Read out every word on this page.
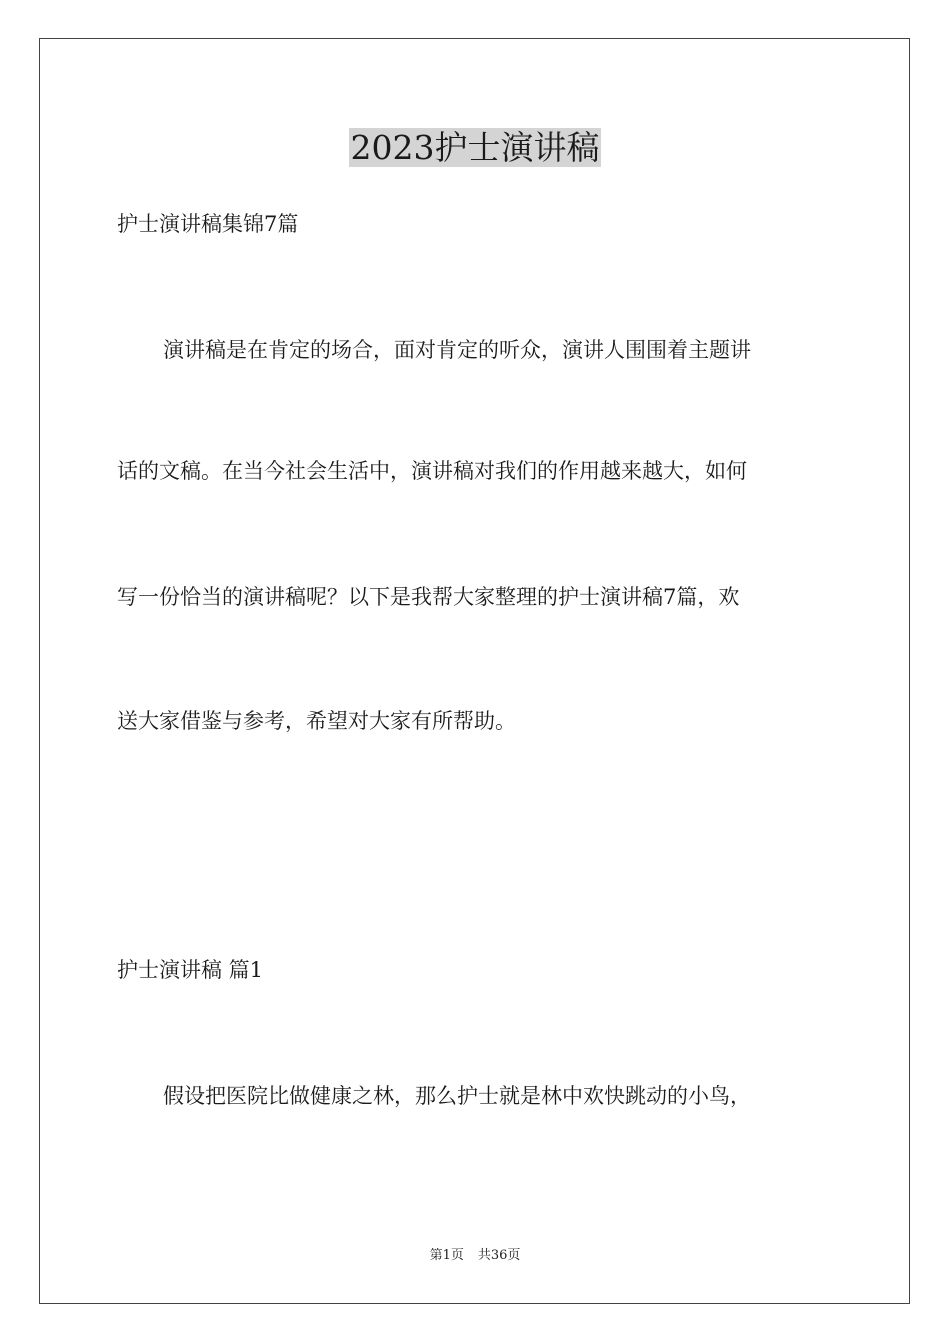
2023护士演讲稿
护士演讲稿集锦7篇
演讲稿是在肯定的场合，面对肯定的听众，演讲人围围着主题讲
话的文稿。在当今社会生活中，演讲稿对我们的作用越来越大，如何
写一份恰当的演讲稿呢？以下是我帮大家整理的护士演讲稿7篇，欢
送大家借鉴与参考，希望对大家有所帮助。
护士演讲稿 篇1
假设把医院比做健康之林，那么护士就是林中欢快跳动的小鸟，
第1页 共36页
